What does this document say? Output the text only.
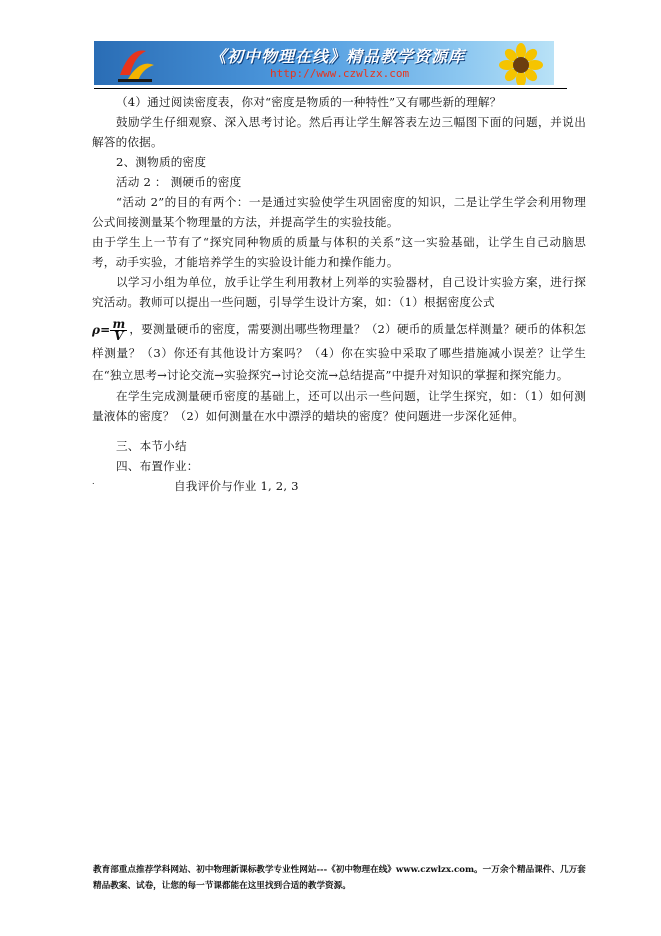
《初中物理在线》精品教学资源库
http://www.czwlzx.com

（4）通过阅读密度表，你对“密度是物质的一种特性”又有哪些新的理解？

鼓励学生仔细观察、深入思考讨论。然后再让学生解答表左边三幅图下面的问题，并说出解答的依据。

2、测物质的密度

活动 2 ： 测硬币的密度

“活动 2”的目的有两个：一是通过实验使学生巩固密度的知识，二是让学生学会利用物理公式间接测量某个物理量的方法，并提高学生的实验技能。

由于学生上一节有了“探究同种物质的质量与体积的关系”这一实验基础，让学生自己动脑思考，动手实验，才能培养学生的实验设计能力和操作能力。

以学习小组为单位，放手让学生利用教材上列举的实验器材，自己设计实验方案，进行探究活动。教师可以提出一些问题，引导学生设计方案，如：（1）根据密度公式

$\rho= \frac{m}{V}$ ，要测量硬币的密度，需要测出哪些物理量？（2）硬币的质量怎样测量？硬币的体积怎样测量？（3）你还有其他设计方案吗？（4）你在实验中采取了哪些措施减小误差？让学生在“独立思考→讨论交流→实验探究→讨论交流→总结提高”中提升对知识的掌握和探究能力。

在学生完成测量硬币密度的基础上，还可以出示一些问题，让学生探究，如：（1）如何测量液体的密度？（2）如何测量在水中漂浮的蜡块的密度？使问题进一步深化延伸。

三、本节小结

四、布置作业：

自我评价与作业 1, 2, 3

.
教育部重点推荐学科网站、初中物理新课标教学专业性网站---《初中物理在线》www.czwlzx.com。一万余个精品课件、几万套精品教案、试卷，让您的每一节课都能在这里找到合适的教学资源。
